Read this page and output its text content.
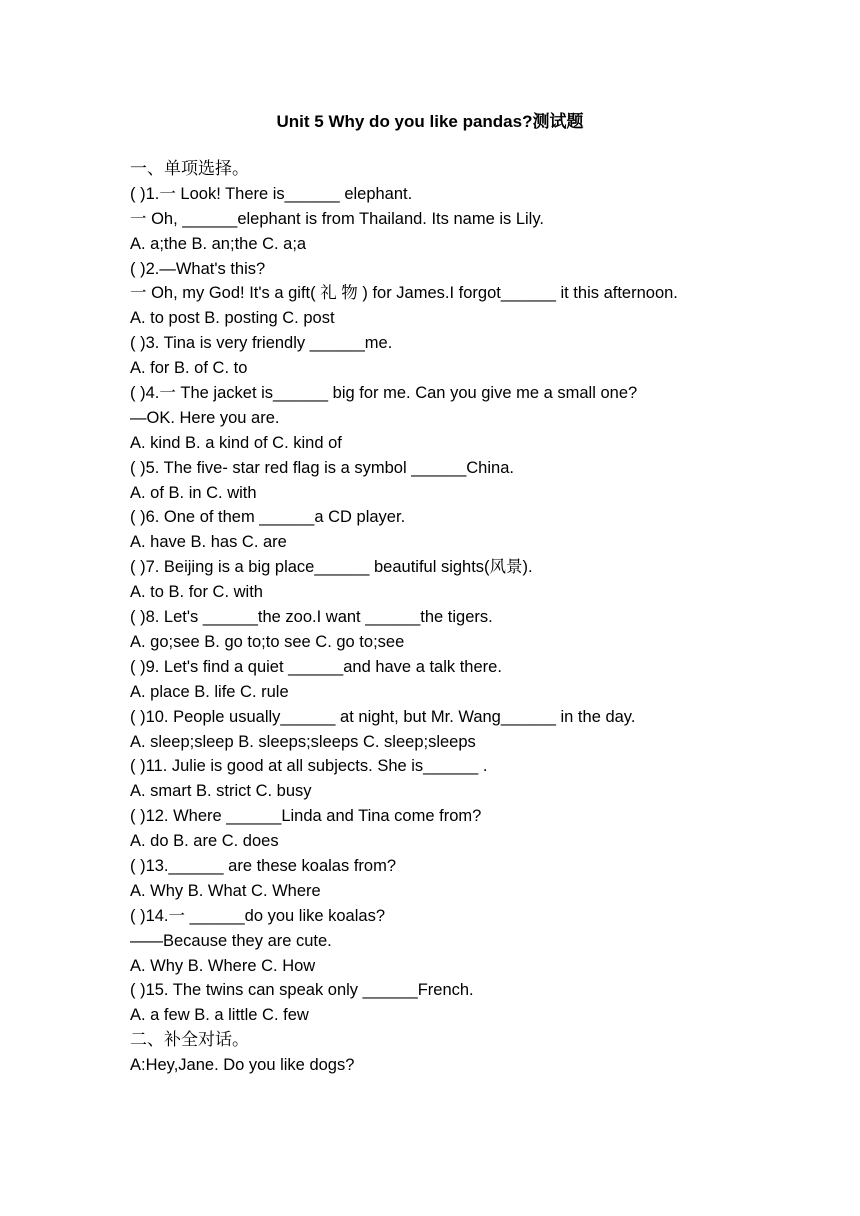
Unit 5 Why do you like pandas?测试题
一、单项选择。
( )1.一 Look! There is______ elephant.
一 Oh, ______elephant is from Thailand. Its name is Lily.
A. a;the B. an;the C. a;a
( )2.—What's this?
一 Oh, my God! It's a gift( 礼 物 ) for James.I forgot______ it this afternoon.
A. to post B. posting C. post
( )3. Tina is very friendly ______me.
A. for B. of C. to
( )4.一 The jacket is______ big for me. Can you give me a small one?
—OK. Here you are.
A. kind B. a kind of C. kind of
( )5. The five- star red flag is a symbol ______China.
A. of B. in C. with
( )6. One of them ______a CD player.
A. have B. has C. are
( )7. Beijing is a big place______ beautiful sights(风景).
A. to B. for C. with
( )8. Let's ______the zoo.I want ______the tigers.
A. go;see B. go to;to see C. go to;see
( )9. Let's find a quiet ______and have a talk there.
A. place B. life C. rule
( )10. People usually______ at night, but Mr. Wang______ in the day.
A. sleep;sleep B. sleeps;sleeps C. sleep;sleeps
( )11. Julie is good at all subjects. She is______ .
A. smart B. strict C. busy
( )12. Where ______Linda and Tina come from?
A. do B. are C. does
( )13.______ are these koalas from?
A. Why B. What C. Where
( )14.一 ______do you like koalas?
——Because they are cute.
A. Why B. Where C. How
( )15. The twins can speak only ______French.
A. a few B. a little C. few
二、补全对话。
A:Hey,Jane. Do you like dogs?
